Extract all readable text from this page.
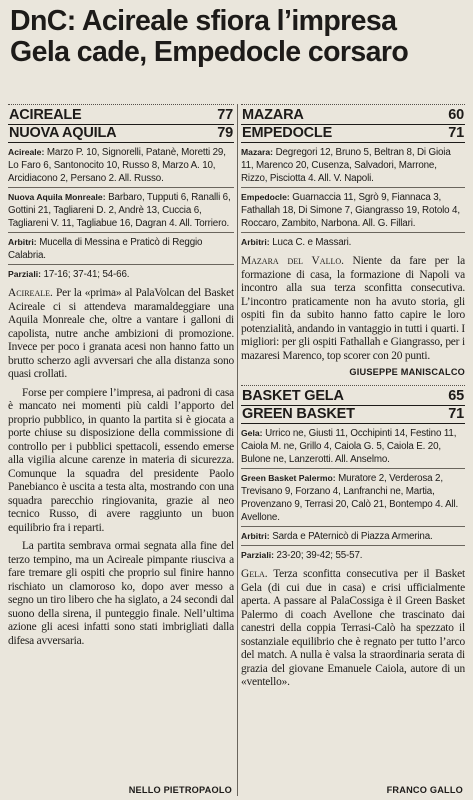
DnC: Acireale sfiora l’impresa
Gela cade, Empedocle corsaro
ACIREALE	77
NUOVA AQUILA	79

Acireale: Marzo P. 10, Signorelli, Patanè, Moretti 29, Lo Faro 6, Santonocito 10, Russo 8, Marzo A. 10, Arcidiacono 2, Persano 2. All. Russo.

Nuova Aquila Monreale: Barbaro, Tupputi 6, Ranalli 6, Gottini 21, Tagliareni D. 2, Andrè 13, Cuccia 6, Tagliareni V. 11, Tagliabue 16, Dagran 4. All. Torriero.

Arbitri: Mucella di Messina e Praticò di Reggio Calabria.

Parziali: 17-16; 37-41; 54-66.

Acireale. Per la «prima» al PalaVolcan del Basket Acireale ci si attendeva maramaldeggiare una Aquila Monreale che, oltre a vantare i galloni di capolista, nutre anche ambizioni di promozione. Invece per poco i granata acesi non hanno fatto un brutto scherzo agli avversari che alla distanza sono quasi crollati.

Forse per compiere l’impresa, ai padroni di casa è mancato nei momenti più caldi l’apporto del proprio pubblico, in quanto la partita si è giocata a porte chiuse su disposizione della commissione di controllo per i pubblici spettacoli, essendo emerse alla vigilia alcune carenze in materia di sicurezza. Comunque la squadra del presidente Paolo Panebianco è uscita a testa alta, mostrando con una squadra parecchio ringiovanita, grazie al neo tecnico Russo, di avere raggiunto un buon equilibrio fra i reparti.

La partita sembrava ormai segnata alla fine del terzo tempino, ma un Acireale pimpante riusciva a fare tremare gli ospiti che proprio sul finire hanno rischiato un clamoroso ko, dopo aver messo a segno un tiro libero che ha siglato, a 24 secondi dal suono della sirena, il punteggio finale. Nell’ultima azione gli acesi infatti sono stati imbrigliati dalla difesa avversaria.

NELLO PIETROPAOLO
MAZARA	60
EMPEDOCLE	71

Mazara: Degregori 12, Bruno 5, Beltran 8, Di Gioia 11, Marenco 20, Cusenza, Salvadori, Marrone, Rizzo, Pisciotta 4. All. V. Napoli.

Empedocle: Guarnaccia 11, Sgrò 9, Fiannaca 3, Fathallah 18, Di Simone 7, Giangrasso 19, Rotolo 4, Roccaro, Zambito, Narbona. All. G. Fillari.

Arbitri: Luca C. e Massari.

Mazara del Vallo. Niente da fare per la formazione di casa, la formazione di Napoli va incontro alla sua terza sconfitta consecutiva. L’incontro praticamente non ha avuto storia, gli ospiti fin da subito hanno fatto capire le loro potenzialità, andando in vantaggio in tutti i quarti. I migliori: per gli ospiti Fathallah e Giangrasso, per i mazaresi Marenco, top scorer con 20 punti.

GIUSEPPE MANISCALCO
BASKET GELA	65
GREEN BASKET	71

Gela: Urrico ne, Giusti 11, Occhipinti 14, Festino 11, Caiola M. ne, Grillo 4, Caiola G. 5, Caiola E. 20, Bulone ne, Lanzerotti. All. Anselmo.

Green Basket Palermo: Muratore 2, Verderosa 2, Trevisano 9, Forzano 4, Lanfranchi ne, Martia, Provenzano 9, Terrasi 20, Calò 21, Bontempo 4. All. Avellone.

Arbitri: Sarda e PAternicò di Piazza Armerina.

Parziali: 23-20; 39-42; 55-57.

Gela. Terza sconfitta consecutiva per il Basket Gela (di cui due in casa) e crisi ufficialmente aperta. A passare al PalaCossiga è il Green Basket Palermo di coach Avellone che trascinato dai canestri della coppia Terrasi-Calò ha spezzato il sostanziale equilibrio che è regnato per tutto l’arco del match. A nulla è valsa la straordinaria serata di grazia del giovane Emanuele Caiola, autore di un «ventello».

FRANCO GALLO
